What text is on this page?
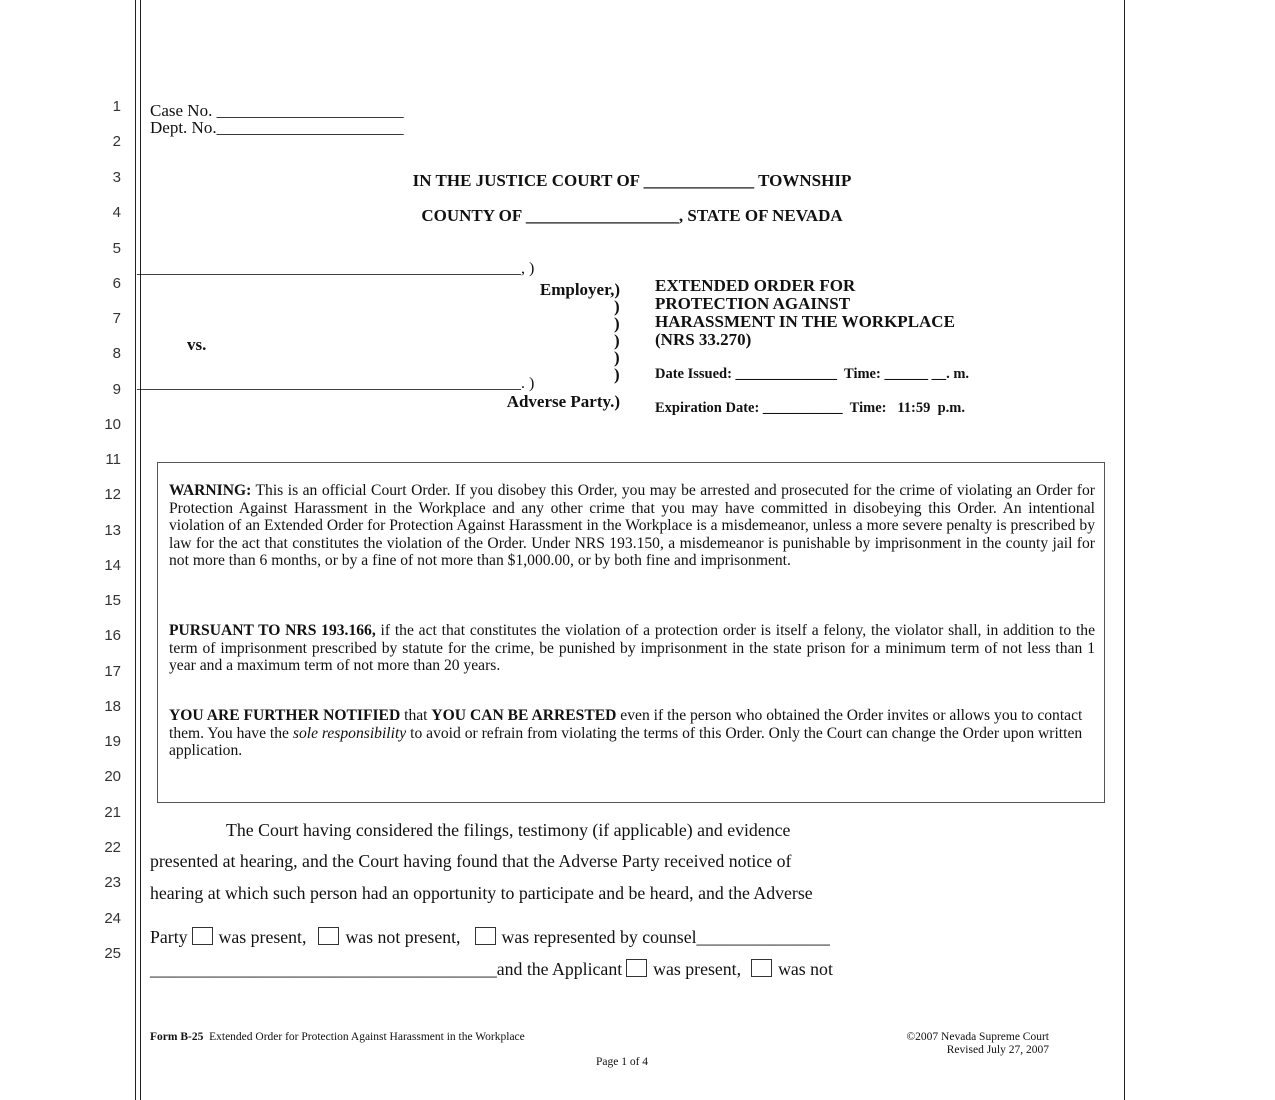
1
2
3
4
5
6
7
8
9
10
11
12
13
14
15
16
17
18
19
20
21
22
23
24
25
Case No. ______________________
Dept. No.______________________
IN THE JUSTICE COURT OF _____________ TOWNSHIP
COUNTY OF __________________, STATE OF NEVADA
________________________________________________, )
Employer,)
)
)
)
vs.
)
)
________________________________________________. )
Adverse Party.)
EXTENDED ORDER FOR
PROTECTION AGAINST
HARASSMENT IN THE WORKPLACE
(NRS 33.270)
Date Issued: ______________  Time: ______ __. m.
Expiration Date: ___________  Time:   11:59  p.m.
WARNING: This is an official Court Order. If you disobey this Order, you may be arrested and prosecuted for the crime of violating an Order for Protection Against Harassment in the Workplace and any other crime that you may have committed in disobeying this Order. An intentional violation of an Extended Order for Protection Against Harassment in the Workplace is a misdemeanor, unless a more severe penalty is prescribed by law for the act that constitutes the violation of the Order. Under NRS 193.150, a misdemeanor is punishable by imprisonment in the county jail for not more than 6 months, or by a fine of not more than $1,000.00, or by both fine and imprisonment.
PURSUANT TO NRS 193.166, if the act that constitutes the violation of a protection order is itself a felony, the violator shall, in addition to the term of imprisonment prescribed by statute for the crime, be punished by imprisonment in the state prison for a minimum term of not less than 1 year and a maximum term of not more than 20 years.
YOU ARE FURTHER NOTIFIED that YOU CAN BE ARRESTED even if the person who obtained the Order invites or allows you to contact them. You have the sole responsibility to avoid or refrain from violating the terms of this Order. Only the Court can change the Order upon written application.
The Court having considered the filings, testimony (if applicable) and evidence
presented at hearing, and the Court having found that the Adverse Party received notice of
hearing at which such person had an opportunity to participate and be heard, and the Adverse
Party was present, was not present, was represented by counsel_______________
_______________________________________and the Applicant was present, was not
Form B-25 Extended Order for Protection Against Harassment in the Workplace	©2007 Nevada Supreme Court
Revised July 27, 2007
Page 1 of 4
